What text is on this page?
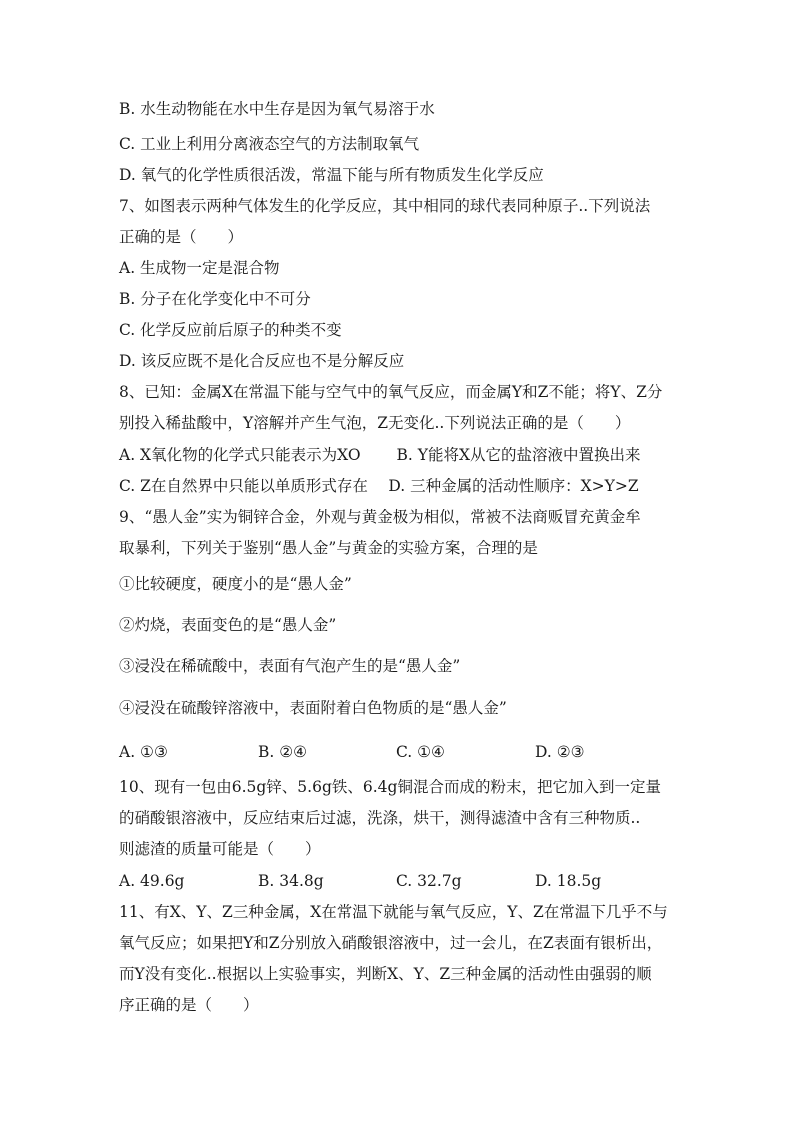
B. 水生动物能在水中生存是因为氧气易溶于水
C. 工业上利用分离液态空气的方法制取氧气
D. 氧气的化学性质很活泼，常温下能与所有物质发生化学反应
7、如图表示两种气体发生的化学反应，其中相同的球代表同种原子..下列说法
正确的是（　　）
A. 生成物一定是混合物
B. 分子在化学变化中不可分
C. 化学反应前后原子的种类不变
D. 该反应既不是化合反应也不是分解反应
8、已知：金属X在常温下能与空气中的氧气反应，而金属Y和Z不能；将Y、Z分
别投入稀盐酸中，Y溶解并产生气泡，Z无变化..下列说法正确的是（　　）
A. X氧化物的化学式只能表示为XO　　 B. Y能将X从它的盐溶液中置换出来
C. Z在自然界中只能以单质形式存在　 D. 三种金属的活动性顺序：X>Y>Z
9、“愚人金”实为铜锌合金，外观与黄金极为相似，常被不法商贩冒充黄金牟
取暴利，下列关于鉴别“愚人金”与黄金的实验方案，合理的是
①比较硬度，硬度小的是“愚人金”
②灼烧，表面变色的是“愚人金”
③浸没在稀硫酸中，表面有气泡产生的是“愚人金”
④浸没在硫酸锌溶液中，表面附着白色物质的是“愚人金”
A. ①③	B. ②④	C. ①④	D. ②③
10、现有一包由6.5g锌、5.6g铁、6.4g铜混合而成的粉末，把它加入到一定量
的硝酸银溶液中，反应结束后过滤，洗涤，烘干，测得滤渣中含有三种物质..
则滤渣的质量可能是（　　）
A. 49.6g	B. 34.8g	C. 32.7g	D. 18.5g
11、有X、Y、Z三种金属，X在常温下就能与氧气反应，Y、Z在常温下几乎不与
氧气反应；如果把Y和Z分别放入硝酸银溶液中，过一会儿，在Z表面有银析出，
而Y没有变化..根据以上实验事实，判断X、Y、Z三种金属的活动性由强弱的顺
序正确的是（　　）
